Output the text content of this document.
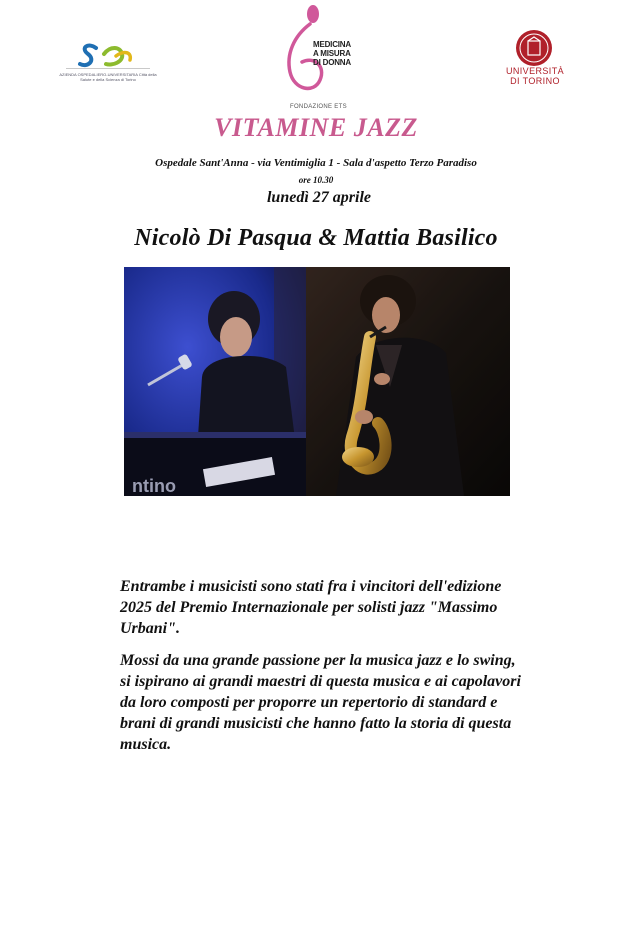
AZIENDA OSPEDALIERO-UNIVERSITARIA Città della Salute e della Scienza di Torino
MEDICINA
A MISURA
DI DONNA
FONDAZIONE ETS
UNIVERSITÀ
DI TORINO
VITAMINE JAZZ
Ospedale Sant'Anna - via Ventimiglia 1 - Sala d'aspetto Terzo Paradiso
ore 10.30
lunedì 27 aprile
Nicolò Di Pasqua & Mattia Basilico
ntino
Entrambe i musicisti sono stati fra i vincitori dell'edizione 2025 del Premio Internazionale per solisti jazz "Massimo Urbani".
Mossi da una grande passione per la musica jazz e lo swing, si ispirano ai grandi maestri di questa musica e ai capolavori da loro composti per proporre un repertorio di standard e brani di grandi musicisti che hanno fatto la storia di questa musica.
